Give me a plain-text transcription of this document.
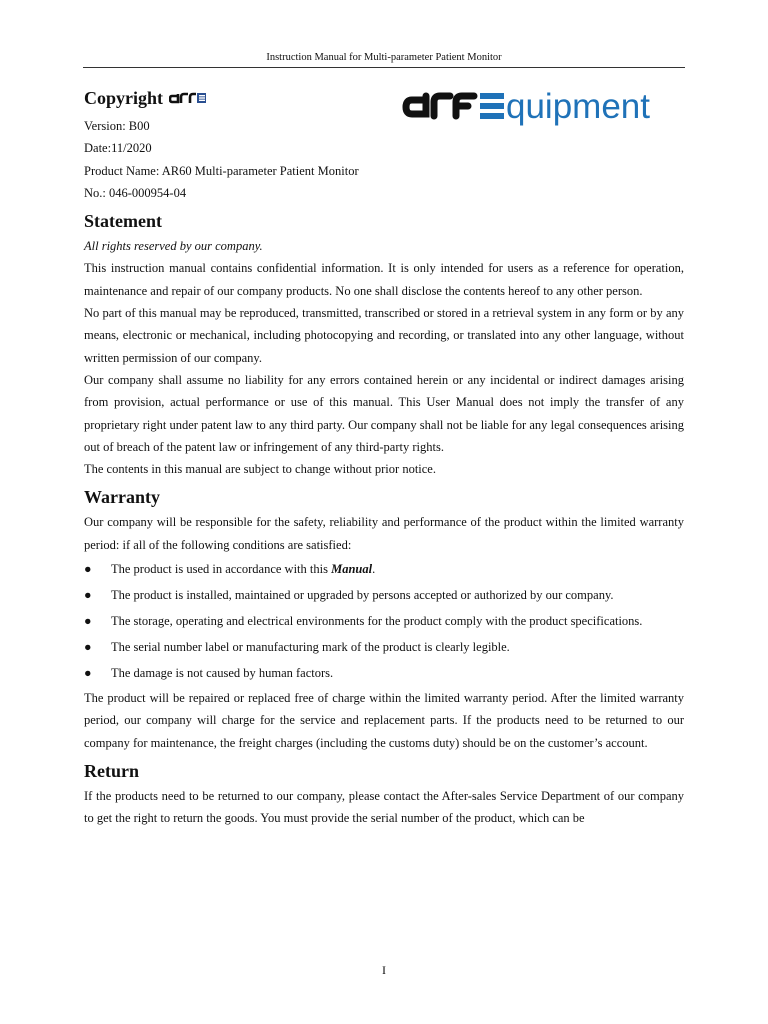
Instruction Manual for Multi-parameter Patient Monitor
quipment
Copyright

Version: B00

Date:11/2020

Product Name: AR60 Multi-parameter Patient Monitor

No.: 046-000954-04

Statement

All rights reserved by our company.

This instruction manual contains confidential information. It is only intended for users as a reference for operation, maintenance and repair of our company products. No one shall disclose the contents hereof to any other person.

No part of this manual may be reproduced, transmitted, transcribed or stored in a retrieval system in any form or by any means, electronic or mechanical, including photocopying and recording, or translated into any other language, without written permission of our company.

Our company shall assume no liability for any errors contained herein or any incidental or indirect damages arising from provision, actual performance or use of this manual. This User Manual does not imply the transfer of any proprietary right under patent law to any third party. Our company shall not be liable for any legal consequences arising out of breach of the patent law or infringement of any third-party rights.

The contents in this manual are subject to change without prior notice.

Warranty

Our company will be responsible for the safety, reliability and performance of the product within the limited warranty period: if all of the following conditions are satisfied:

● The product is used in accordance with this Manual.
● The product is installed, maintained or upgraded by persons accepted or authorized by our company.
● The storage, operating and electrical environments for the product comply with the product specifications.
● The serial number label or manufacturing mark of the product is clearly legible.
● The damage is not caused by human factors.

The product will be repaired or replaced free of charge within the limited warranty period. After the limited warranty period, our company will charge for the service and replacement parts. If the products need to be returned to our company for maintenance, the freight charges (including the customs duty) should be on the customer’s account.

Return

If the products need to be returned to our company, please contact the After-sales Service Department of our company to get the right to return the goods. You must provide the serial number of the product, which can be

I
